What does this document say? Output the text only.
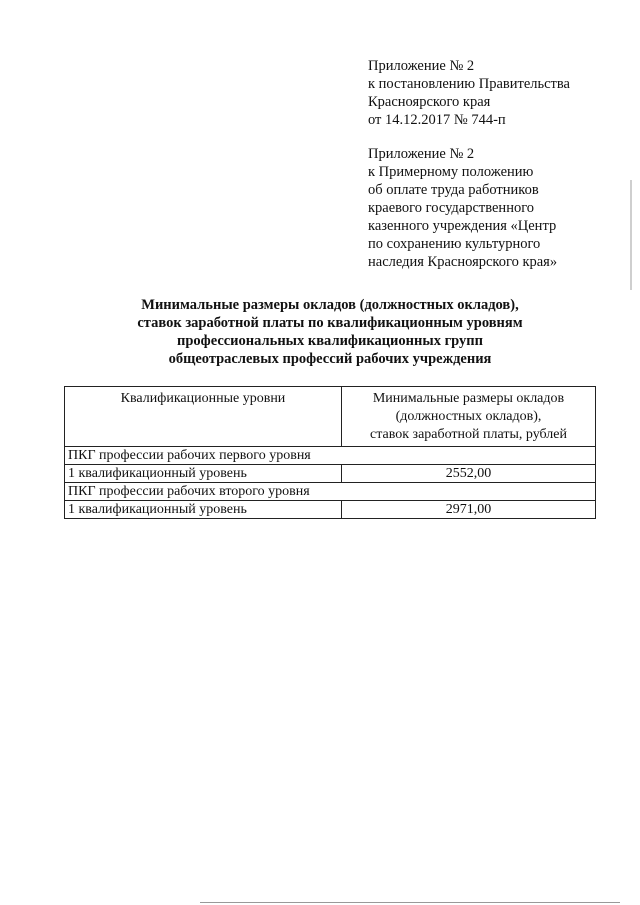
Приложение № 2
к постановлению Правительства
Красноярского края
от 14.12.2017 № 744-п
Приложение № 2
к Примерному положению
об оплате труда работников
краевого государственного
казенного учреждения «Центр
по сохранению культурного
наследия Красноярского края»
Минимальные размеры окладов (должностных окладов),
ставок заработной платы по квалификационным уровням
профессиональных квалификационных групп
общеотраслевых профессий рабочих учреждения
Квалификационные уровни	Минимальные размеры окладов
(должностных окладов),
ставок заработной платы, рублей

ПКГ профессии рабочих первого уровня	
1 квалификационный уровень	2552,00
ПКГ профессии рабочих второго уровня	
1 квалификационный уровень	2971,00
